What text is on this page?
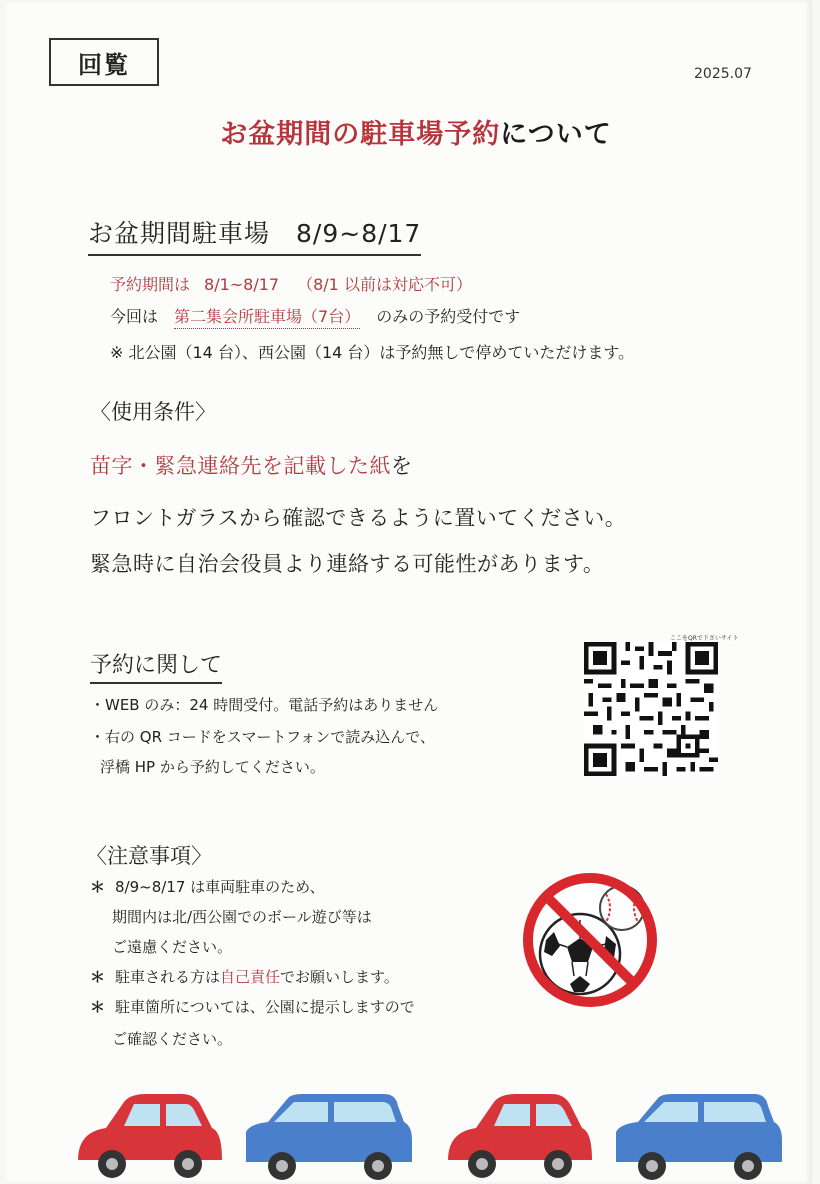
回覧	2025.07
お盆期間の駐車場予約について
お盆期間駐車場 8/9~8/17
予約期間は 8/1~8/17 （8/1 以前は対応不可）
今回は 第二集会所駐車場（7台） のみの予約受付です
※ 北公園（14 台）、西公園（14 台）は予約無しで停めていただけます。
〈使用条件〉
苗字・緊急連絡先を記載した紙を
フロントガラスから確認できるように置いてください。
緊急時に自治会役員より連絡する可能性があります。
予約に関して
・WEB のみ：24 時間受付。電話予約はありません
・右の QR コードをスマートフォンで読み込んで、
浮橋 HP から予約してください。
ここをQRで下さいサイト
〈注意事項〉
＊ 8/9~8/17 は車両駐車のため、
期間内は北/西公園でのボール遊び等は
ご遠慮ください。
＊ 駐車される方は自己責任でお願いします。
＊ 駐車箇所については、公園に提示しますので
ご確認ください。
